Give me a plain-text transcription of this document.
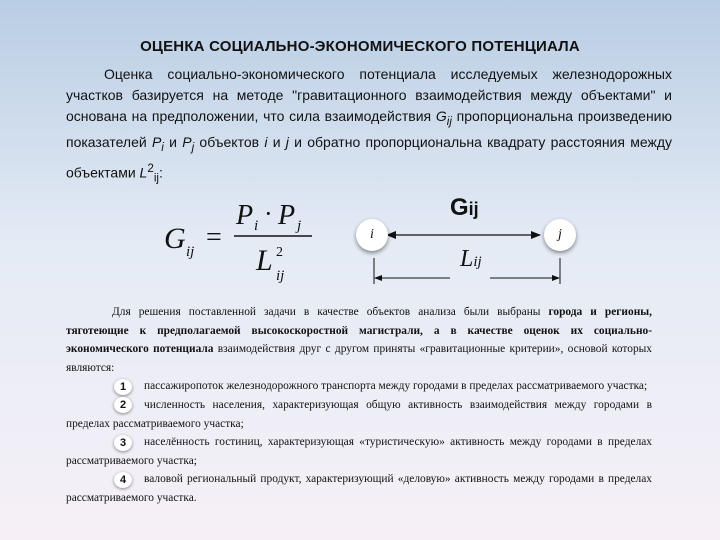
ОЦЕНКА СОЦИАЛЬНО-ЭКОНОМИЧЕСКОГО ПОТЕНЦИАЛА
Оценка социально-экономического потенциала исследуемых железнодорожных участков базируется на методе "гравитационного взаимодействия между объектами" и основана на предположении, что сила взаимодействия $G_{ij}$ пропорциональна произведению показателей $P_i$ и $P_j$ объектов i и j и обратно пропорциональна квадрату расстояния между объектами $L^2_{ij}$:
G ij =
P i · P j
L 2
ij
i	j
Gij
Lij

Для решения поставленной задачи в качестве объектов анализа были выбраны города и регионы, тяготеющие к предполагаемой высокоскоростной магистрали, а в качестве оценок их социально-экономического потенциала взаимодействия друг с другом приняты «гравитационные критерии», основой которых являются:

1 пассажиропоток железнодорожного транспорта между городами в пределах рассматриваемого участка;

2 численность населения, характеризующая общую активность взаимодействия между городами в пределах рассматриваемого участка;

3 населённость гостиниц, характеризующая «туристическую» активность между городами в пределах рассматриваемого участка;

4 валовой региональный продукт, характеризующий «деловую» активность между городами в пределах рассматриваемого участка.
